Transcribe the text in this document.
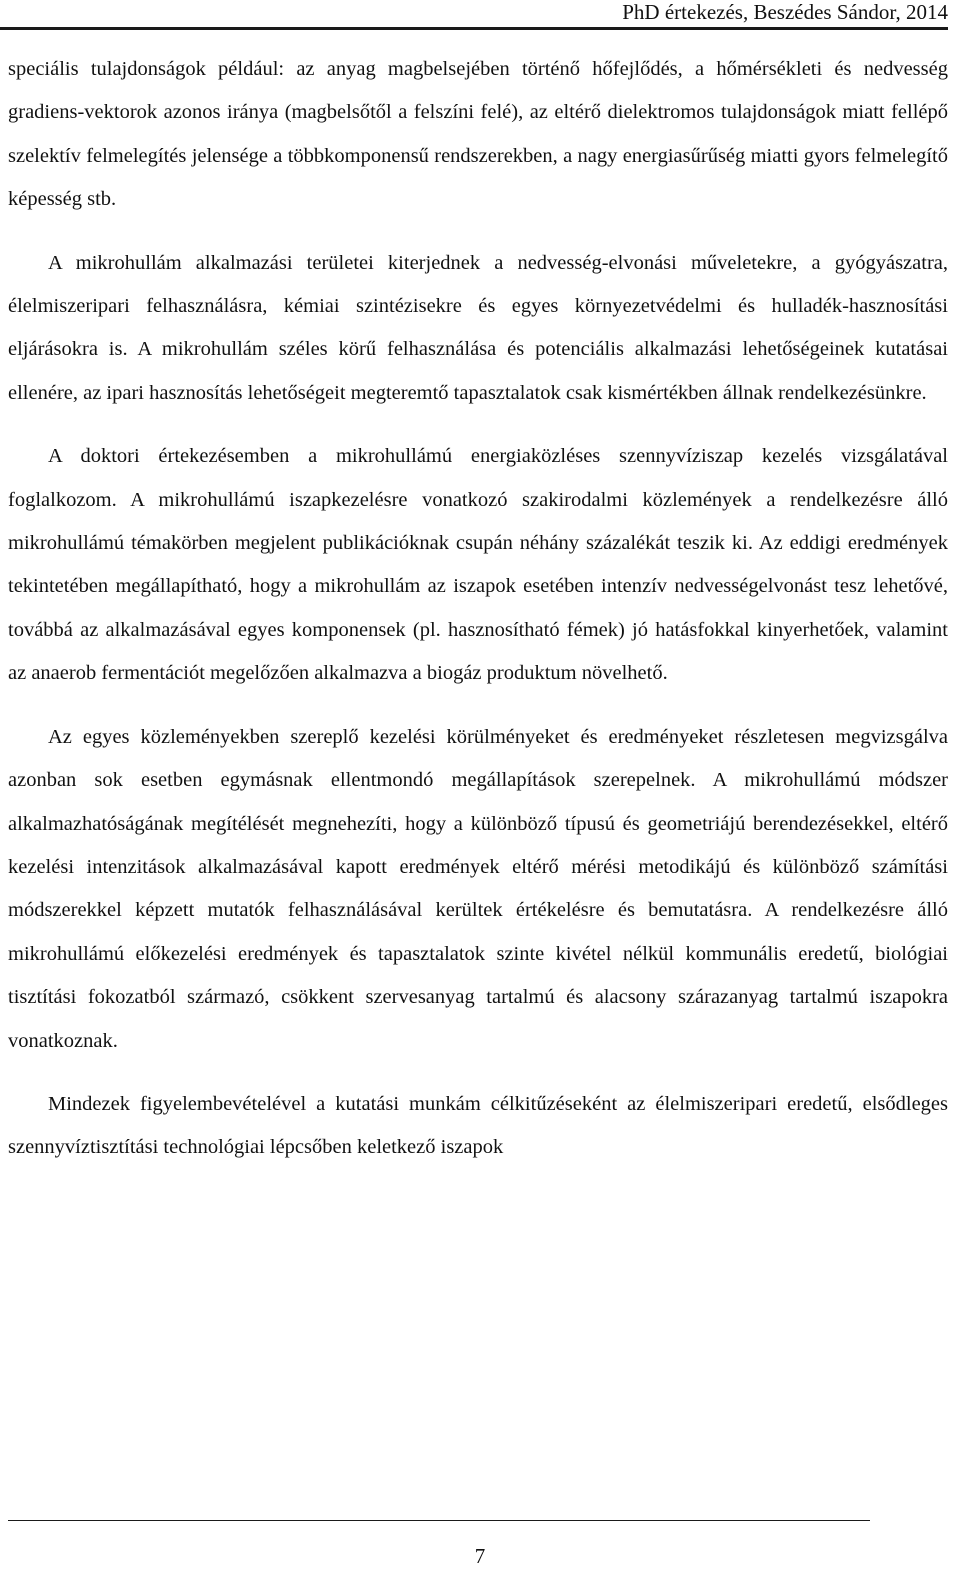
PhD értekezés, Beszédes Sándor, 2014

speciális tulajdonságok például: az anyag magbelsejében történő hőfejlődés, a hőmérsékleti és nedvesség gradiens-vektorok azonos iránya (magbelsőtől a felszíni felé), az eltérő dielektromos tulajdonságok miatt fellépő szelektív felmelegítés jelensége a többkomponensű rendszerekben, a nagy energiasűrűség miatti gyors felmelegítő képesség stb.

A mikrohullám alkalmazási területei kiterjednek a nedvesség-elvonási műveletekre, a gyógyászatra, élelmiszeripari felhasználásra, kémiai szintézisekre és egyes környezetvédelmi és hulladék-hasznosítási eljárásokra is. A mikrohullám széles körű felhasználása és potenciális alkalmazási lehetőségeinek kutatásai ellenére, az ipari hasznosítás lehetőségeit megteremtő tapasztalatok csak kismértékben állnak rendelkezésünkre.

A doktori értekezésemben a mikrohullámú energiaközléses szennyvíziszap kezelés vizsgálatával foglalkozom. A mikrohullámú iszapkezelésre vonatkozó szakirodalmi közlemények a rendelkezésre álló mikrohullámú témakörben megjelent publikációknak csupán néhány százalékát teszik ki. Az eddigi eredmények tekintetében megállapítható, hogy a mikrohullám az iszapok esetében intenzív nedvességelvonást tesz lehetővé, továbbá az alkalmazásával egyes komponensek (pl. hasznosítható fémek) jó hatásfokkal kinyerhetőek, valamint az anaerob fermentációt megelőzően alkalmazva a biogáz produktum növelhető.

Az egyes közleményekben szereplő kezelési körülményeket és eredményeket részletesen megvizsgálva azonban sok esetben egymásnak ellentmondó megállapítások szerepelnek. A mikrohullámú módszer alkalmazhatóságának megítélését megnehezíti, hogy a különböző típusú és geometriájú berendezésekkel, eltérő kezelési intenzitások alkalmazásával kapott eredmények eltérő mérési metodikájú és különböző számítási módszerekkel képzett mutatók felhasználásával kerültek értékelésre és bemutatásra. A rendelkezésre álló mikrohullámú előkezelési eredmények és tapasztalatok szinte kivétel nélkül kommunális eredetű, biológiai tisztítási fokozatból származó, csökkent szervesanyag tartalmú és alacsony szárazanyag tartalmú iszapokra vonatkoznak.

Mindezek figyelembevételével a kutatási munkám célkitűzéseként az élelmiszeripari eredetű, elsődleges szennyvíztisztítási technológiai lépcsőben keletkező iszapok

7
